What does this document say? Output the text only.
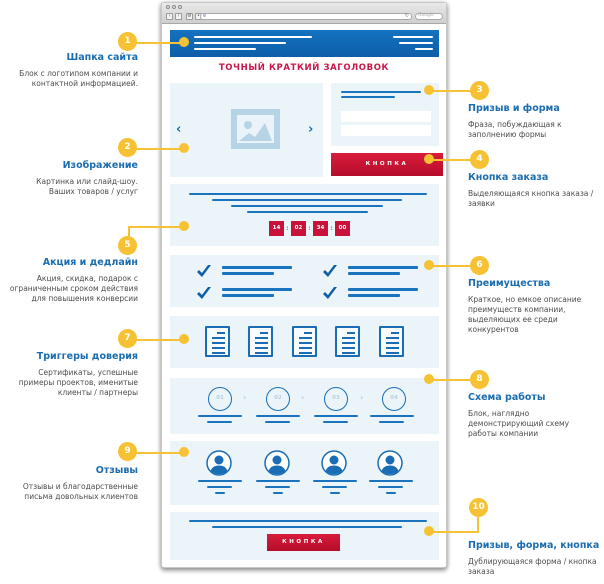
‹	›	⚙	• e	↻ Google
ТОЧНЫЙ КРАТКИЙ ЗАГОЛОВОК
‹	›
КНОПКА
14 :	02 :	34 :	00
01	›	02	›	03	›	04
КНОПКА
1
2
5
7
9
3
4
6
8
10
Шапка сайта
Блок с логотипом компании и контактной информацией.
Изображение
Картинка или слайд-шоу. Ваших товаров / услуг
Акция и дедлайн
Акция, скидка, подарок с ограниченным сроком действия для повышения конверсии
Триггеры доверия
Сертификаты, успешные примеры проектов, именитые клиенты / партнеры
Отзывы
Отзывы и благодарственные письма довольных клиентов
Призыв и форма
Фраза, побуждающая к заполнению формы
Кнопка заказа
Выделяющаяся кнопка заказа / заявки
Преимущества
Краткое, но емкое описание преимуществ компании, выделяющих ее среди конкурентов
Схема работы
Блок, наглядно демонстрирующий схему работы компании
Призыв, форма, кнопка
Дублирующаяся форма / кнопка заказа
